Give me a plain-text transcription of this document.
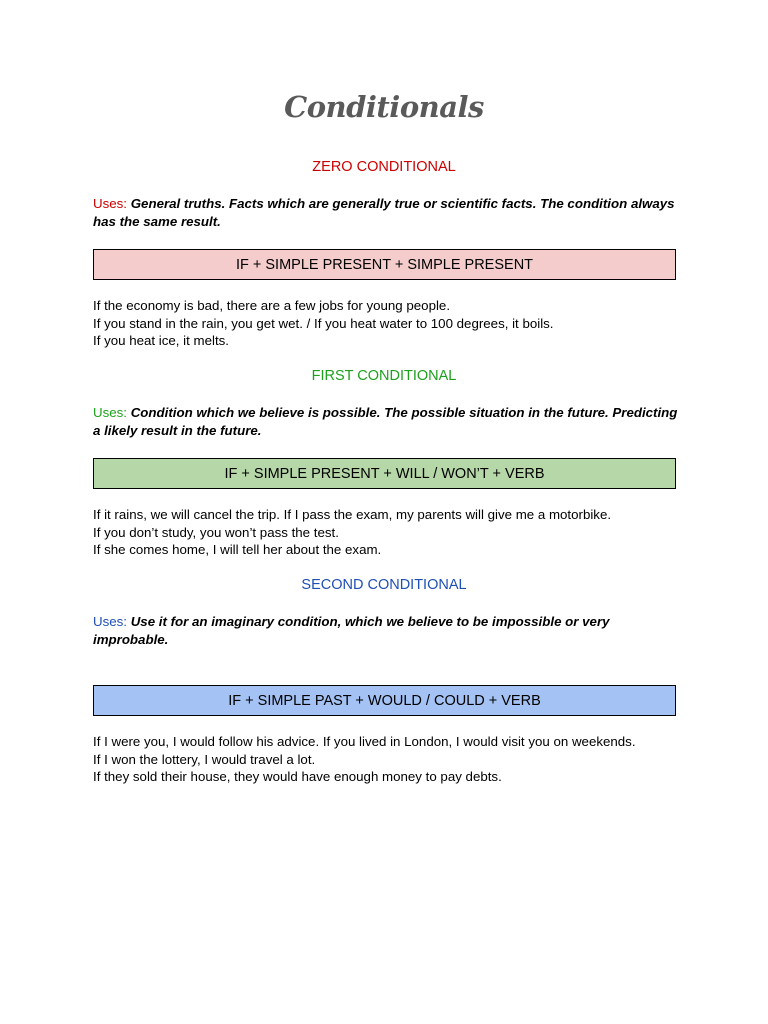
Conditionals
ZERO CONDITIONAL
Uses: General truths. Facts which are generally true or scientific facts. The condition always has the same result.
IF + SIMPLE PRESENT + SIMPLE PRESENT
If the economy is bad, there are a few jobs for young people.
If you stand in the rain, you get wet. / If you heat water to 100 degrees, it boils.
If you heat ice, it melts.
FIRST CONDITIONAL
Uses: Condition which we believe is possible. The possible situation in the future. Predicting a likely result in the future.
IF + SIMPLE PRESENT + WILL / WON’T + VERB
If it rains, we will cancel the trip. If I pass the exam, my parents will give me a motorbike.
If you don’t study, you won’t pass the test.
If she comes home, I will tell her about the exam.
SECOND CONDITIONAL
Uses: Use it for an imaginary condition, which we believe to be impossible or very improbable.
IF + SIMPLE PAST + WOULD / COULD + VERB
If I were you, I would follow his advice. If you lived in London, I would visit you on weekends.
If I won the lottery, I would travel a lot.
If they sold their house, they would have enough money to pay debts.
